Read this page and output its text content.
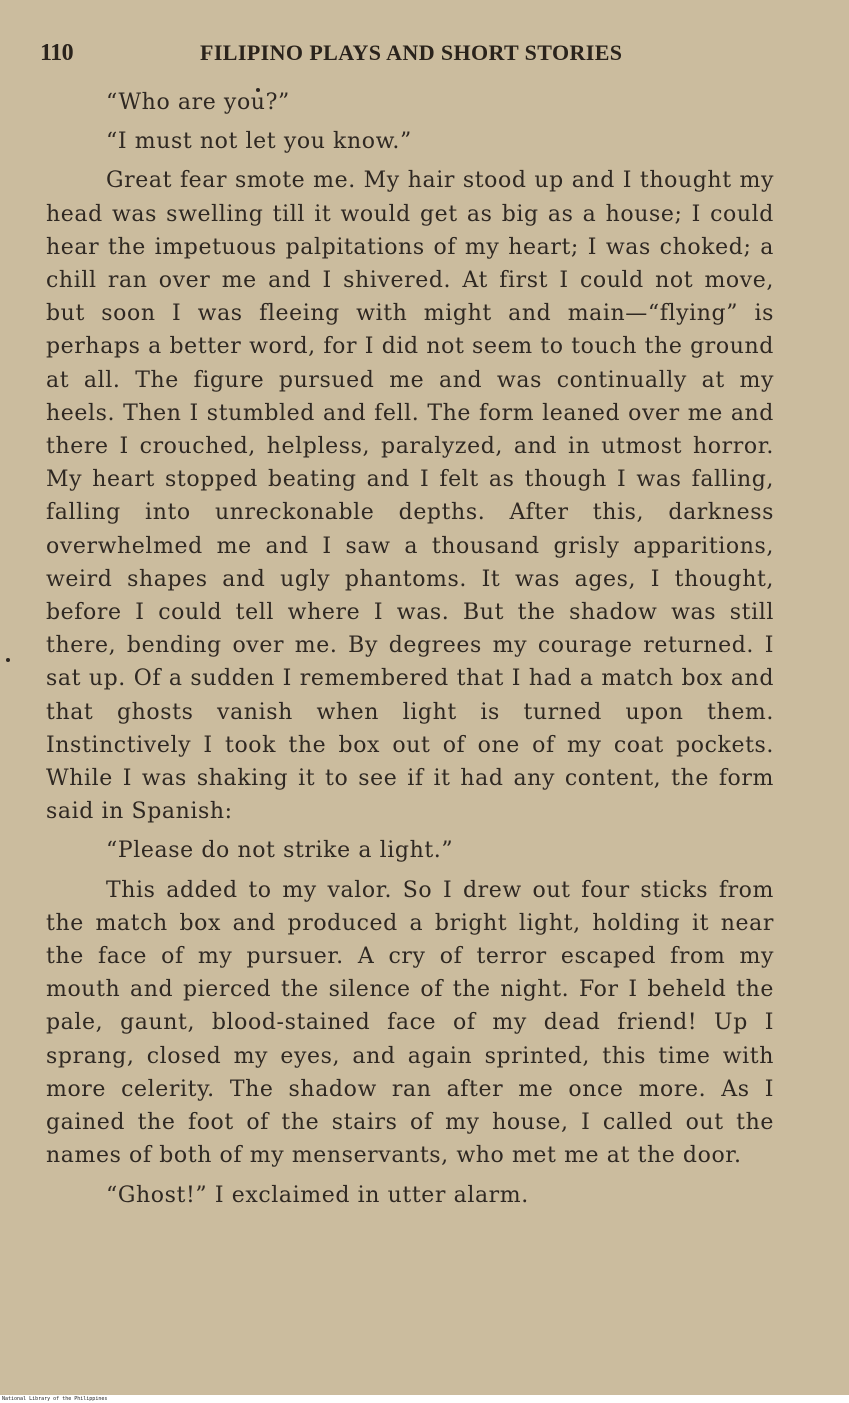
110	FILIPINO PLAYS AND SHORT STORIES

“Who are you?”

“I must not let you know.”

Great fear smote me. My hair stood up and I thought my head was swelling till it would get as big as a house; I could hear the impetuous palpitations of my heart; I was choked; a chill ran over me and I shivered. At first I could not move, but soon I was fleeing with might and main—“flying” is perhaps a better word, for I did not seem to touch the ground at all. The figure pursued me and was continually at my heels. Then I stumbled and fell. The form leaned over me and there I crouched, helpless, paralyzed, and in utmost horror. My heart stopped beating and I felt as though I was falling, falling into unreckonable depths. After this, darkness overwhelmed me and I saw a thousand grisly apparitions, weird shapes and ugly phantoms. It was ages, I thought, before I could tell where I was. But the shadow was still there, bending over me. By degrees my courage returned. I sat up. Of a sudden I remembered that I had a match box and that ghosts vanish when light is turned upon them. Instinctively I took the box out of one of my coat pockets. While I was shaking it to see if it had any content, the form said in Spanish:

“Please do not strike a light.”

This added to my valor. So I drew out four sticks from the match box and produced a bright light, holding it near the face of my pursuer. A cry of terror escaped from my mouth and pierced the silence of the night. For I beheld the pale, gaunt, blood-stained face of my dead friend! Up I sprang, closed my eyes, and again sprinted, this time with more celerity. The shadow ran after me once more. As I gained the foot of the stairs of my house, I called out the names of both of my menservants, who met me at the door.

“Ghost!” I exclaimed in utter alarm.

National Library of the Philippines
